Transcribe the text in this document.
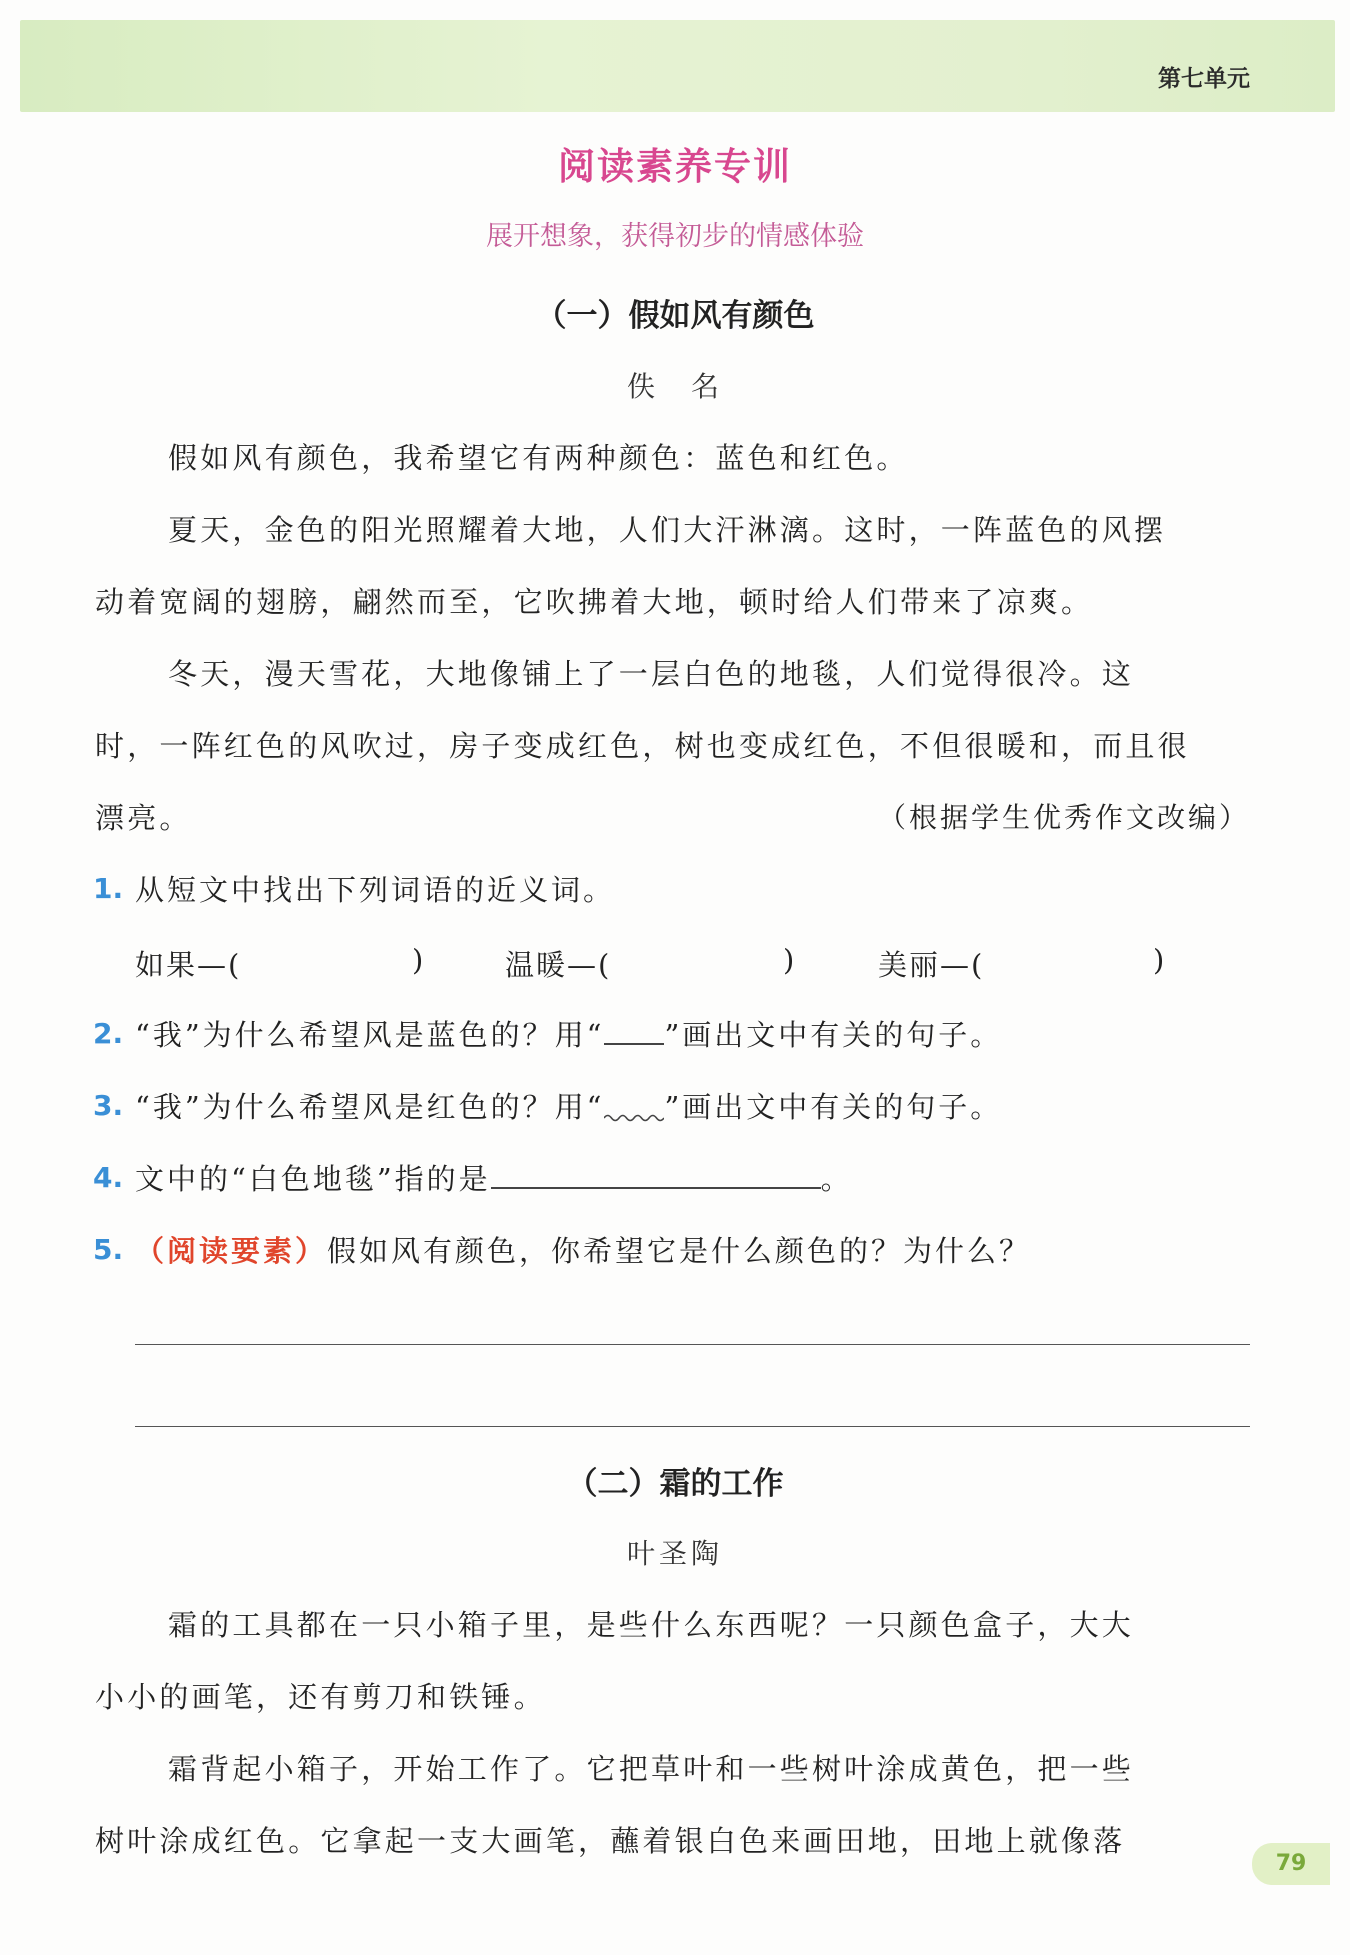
第七单元
阅读素养专训
展开想象，获得初步的情感体验
（一）假如风有颜色
佚　名
假如风有颜色，我希望它有两种颜色：蓝色和红色。
夏天，金色的阳光照耀着大地，人们大汗淋漓。这时，一阵蓝色的风摆
动着宽阔的翅膀，翩然而至，它吹拂着大地，顿时给人们带来了凉爽。
冬天，漫天雪花，大地像铺上了一层白色的地毯，人们觉得很冷。这
时，一阵红色的风吹过，房子变成红色，树也变成红色，不但很暖和，而且很
漂亮。	（根据学生优秀作文改编）
1. 从短文中找出下列词语的近义词。
如果—(	)	温暖—(	)	美丽—(	)
2. “我”为什么希望风是蓝色的？用“ ”画出文中有关的句子。
3. “我”为什么希望风是红色的？用“ ”画出文中有关的句子。
4. 文中的“白色地毯”指的是	。
5. （阅读要素）假如风有颜色，你希望它是什么颜色的？为什么？
（二）霜的工作
叶圣陶
霜的工具都在一只小箱子里，是些什么东西呢？一只颜色盒子，大大
小小的画笔，还有剪刀和铁锤。
霜背起小箱子，开始工作了。它把草叶和一些树叶涂成黄色，把一些
树叶涂成红色。它拿起一支大画笔，蘸着银白色来画田地，田地上就像落
79
